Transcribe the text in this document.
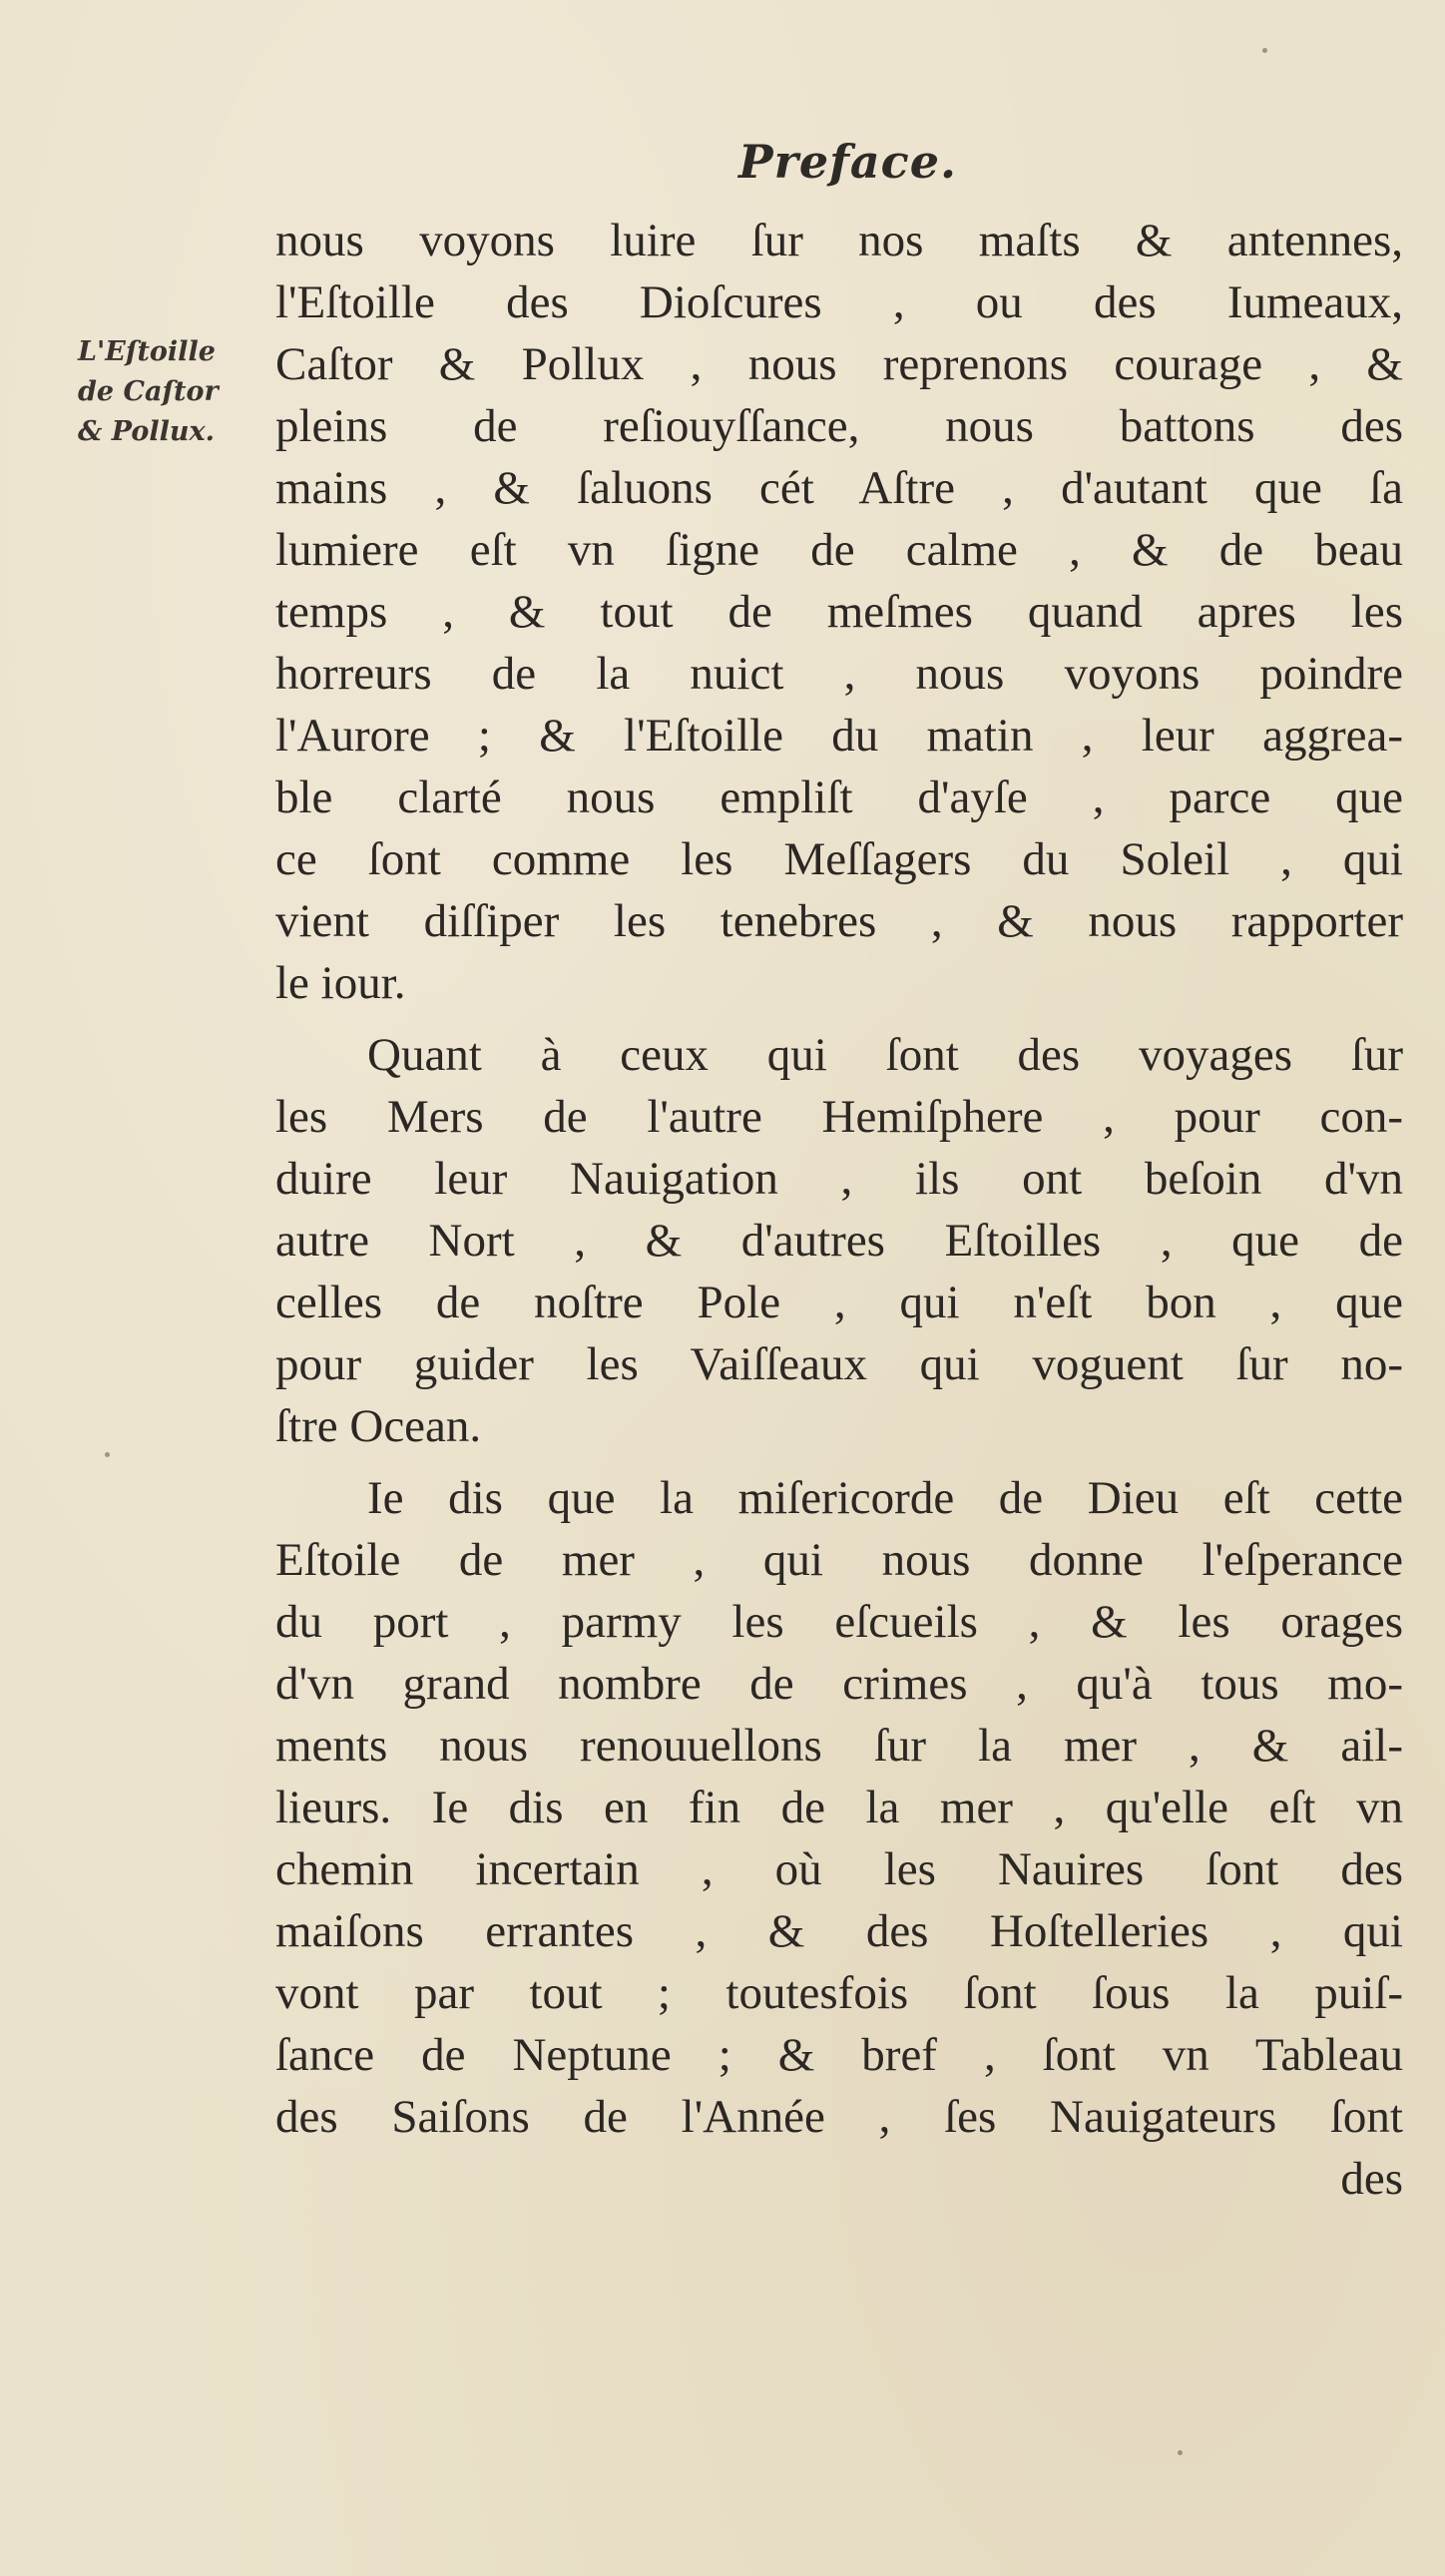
Preface.
L'Eſtoille
de Caſtor
& Pollux.
nous voyons luire ſur nos maſts & antennes,
l'Eſtoille des Dioſcures , ou des Iumeaux,
Caſtor & Pollux , nous reprenons courage , &
pleins de reſiouyſſance, nous battons des
mains , & ſaluons cét Aſtre , d'autant que ſa
lumiere eſt vn ſigne de calme , & de beau
temps , & tout de meſmes quand apres les
horreurs de la nuict , nous voyons poindre
l'Aurore ; & l'Eſtoille du matin , leur aggrea-
ble clarté nous empliſt d'ayſe , parce que
ce ſont comme les Meſſagers du Soleil , qui
vient diſſiper les tenebres , & nous rapporter
le iour.
Quant à ceux qui ſont des voyages ſur
les Mers de l'autre Hemiſphere , pour con-
duire leur Nauigation , ils ont beſoin d'vn
autre Nort , & d'autres Eſtoilles , que de
celles de noſtre Pole , qui n'eſt bon , que
pour guider les Vaiſſeaux qui voguent ſur no-
ſtre Ocean.
Ie dis que la miſericorde de Dieu eſt cette
Eſtoile de mer , qui nous donne l'eſperance
du port , parmy les eſcueils , & les orages
d'vn grand nombre de crimes , qu'à tous mo-
ments nous renouuellons ſur la mer , & ail-
lieurs. Ie dis en fin de la mer , qu'elle eſt vn
chemin incertain , où les Nauires ſont des
maiſons errantes , & des Hoſtelleries , qui
vont par tout ; toutesfois ſont ſous la puiſ-
ſance de Neptune ; & bref , ſont vn Tableau
des Saiſons de l'Année , ſes Nauigateurs ſont
des
